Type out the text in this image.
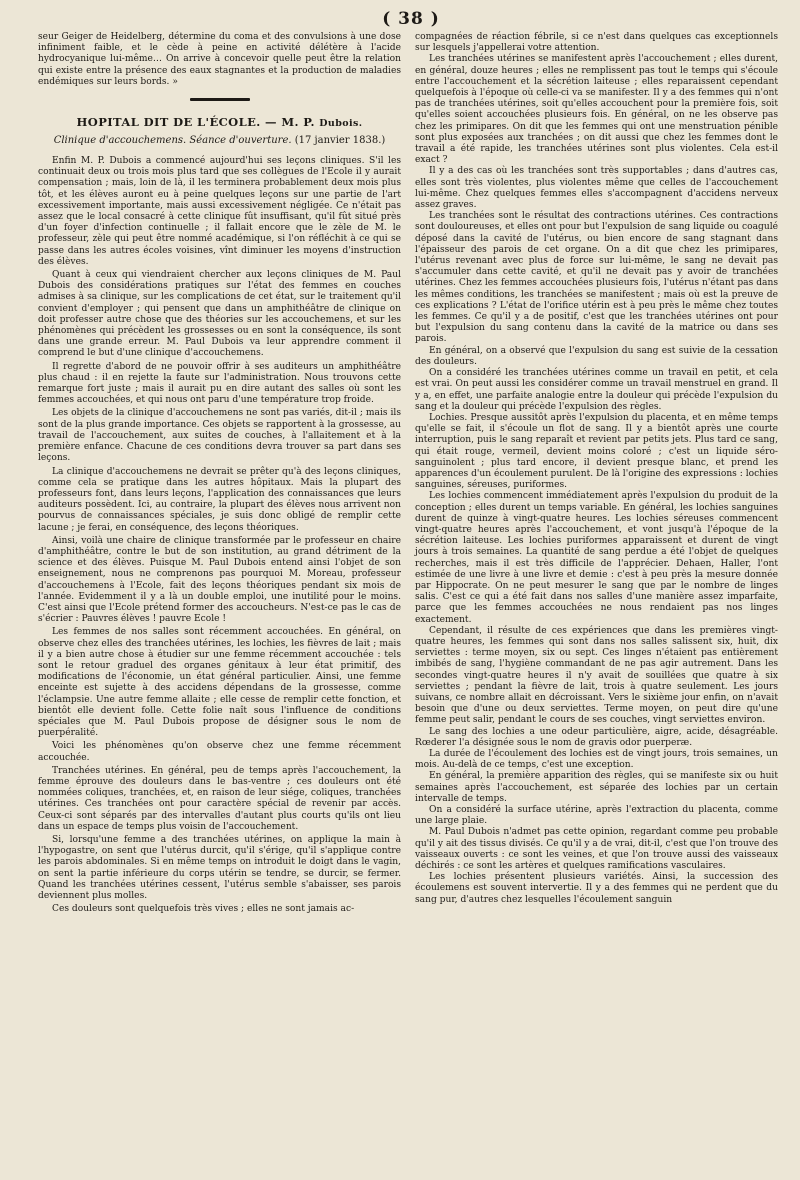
( 38 )

seur Geiger de Heidelberg, détermine du coma et des convulsions à une dose infiniment faible, et le cède à peine en activité délétère à l'acide hydrocyanique lui-même… On arrive à concevoir quelle peut être la relation qui existe entre la présence des eaux stagnantes et la production de maladies endémiques sur leurs bords. »

HOPITAL DIT DE L'ÉCOLE. — M. P. Dubois.
Clinique d'accouchemens. Séance d'ouverture. (17 janvier 1838.)

Enfin M. P. Dubois a commencé aujourd'hui ses leçons cliniques. S'il les continuait deux ou trois mois plus tard que ses collègues de l'Ecole il y aurait compensation ; mais, loin de là, il les terminera probablement deux mois plus tôt, et les élèves auront eu à peine quelques leçons sur une partie de l'art excessivement importante, mais aussi excessivement négligée. Ce n'était pas assez que le local consacré à cette clinique fût insuffisant, qu'il fût situé près d'un foyer d'infection continuelle ; il fallait encore que le zèle de M. le professeur, zèle qui peut être nommé académique, si l'on réfléchit à ce qui se passe dans les autres écoles voisines, vînt diminuer les moyens d'instruction des élèves.

Quant à ceux qui viendraient chercher aux leçons cliniques de M. Paul Dubois des considérations pratiques sur l'état des femmes en couches admises à sa clinique, sur les complications de cet état, sur le traitement qu'il convient d'employer ; qui pensent que dans un amphithéâtre de clinique on doit professer autre chose que des théories sur les accouchemens, et sur les phénomènes qui précèdent les grossesses ou en sont la conséquence, ils sont dans une grande erreur. M. Paul Dubois va leur apprendre comment il comprend le but d'une clinique d'accouchemens.

Il regrette d'abord de ne pouvoir offrir à ses auditeurs un amphithéâtre plus chaud : il en rejette la faute sur l'administration. Nous trouvons cette remarque fort juste ; mais il aurait pu en dire autant des salles où sont les femmes accouchées, et qui nous ont paru d'une température trop froide.

Les objets de la clinique d'accouchemens ne sont pas variés, dit-il ; mais ils sont de la plus grande importance. Ces objets se rapportent à la grossesse, au travail de l'accouchement, aux suites de couches, à l'allaitement et à la première enfance. Chacune de ces conditions devra trouver sa part dans ses leçons.

La clinique d'accouchemens ne devrait se prêter qu'à des leçons cliniques, comme cela se pratique dans les autres hôpitaux. Mais la plupart des professeurs font, dans leurs leçons, l'application des connaissances que leurs auditeurs possèdent. Ici, au contraire, la plupart des élèves nous arrivent non pourvus de connaissances spéciales, je suis donc obligé de remplir cette lacune ; je ferai, en conséquence, des leçons théoriques.

Ainsi, voilà une chaire de clinique transformée par le professeur en chaire d'amphithéâtre, contre le but de son institution, au grand détriment de la science et des élèves. Puisque M. Paul Dubois entend ainsi l'objet de son enseignement, nous ne comprenons pas pourquoi M. Moreau, professeur d'accouchemens à l'Ecole, fait des leçons théoriques pendant six mois de l'année. Evidemment il y a là un double emploi, une inutilité pour le moins. C'est ainsi que l'Ecole prétend former des accoucheurs. N'est-ce pas le cas de s'écrier : Pauvres élèves ! pauvre Ecole !

Les femmes de nos salles sont récemment accouchées. En général, on observe chez elles des tranchées utérines, les lochies, les fièvres de lait ; mais il y a bien autre chose à étudier sur une femme récemment accouchée : tels sont le retour graduel des organes génitaux à leur état primitif, des modifications de l'économie, un état général particulier. Ainsi, une femme enceinte est sujette à des accidens dépendans de la grossesse, comme l'éclampsie. Une autre femme allaite ; elle cesse de remplir cette fonction, et bientôt elle devient folle. Cette folie naît sous l'influence de conditions spéciales que M. Paul Dubois propose de désigner sous le nom de puerpéralité.

Voici les phénomènes qu'on observe chez une femme récemment accouchée.

Tranchées utérines. En général, peu de temps après l'accouchement, la femme éprouve des douleurs dans le bas-ventre ; ces douleurs ont été nommées coliques, tranchées, et, en raison de leur siége, coliques, tranchées utérines. Ces tranchées ont pour caractère spécial de revenir par accès. Ceux-ci sont séparés par des intervalles d'autant plus courts qu'ils ont lieu dans un espace de temps plus voisin de l'accouchement.

Si, lorsqu'une femme a des tranchées utérines, on applique la main à l'hypogastre, on sent que l'utérus durcit, qu'il s'érige, qu'il s'applique contre les parois abdominales. Si en même temps on introduit le doigt dans le vagin, on sent la partie inférieure du corps utérin se tendre, se durcir, se fermer. Quand les tranchées utérines cessent, l'utérus semble s'abaisser, ses parois deviennent plus molles.

Ces douleurs sont quelquefois très vives ; elles ne sont jamais ac-

compagnées de réaction fébrile, si ce n'est dans quelques cas exceptionnels sur lesquels j'appellerai votre attention.

Les tranchées utérines se manifestent après l'accouchement ; elles durent, en général, douze heures ; elles ne remplissent pas tout le temps qui s'écoule entre l'accouchement et la sécrétion laiteuse ; elles reparaissent cependant quelquefois à l'époque où celle-ci va se manifester. Il y a des femmes qui n'ont pas de tranchées utérines, soit qu'elles accouchent pour la première fois, soit qu'elles soient accouchées plusieurs fois. En général, on ne les observe pas chez les primipares. On dit que les femmes qui ont une menstruation pénible sont plus exposées aux tranchées ; on dit aussi que chez les femmes dont le travail a été rapide, les tranchées utérines sont plus violentes. Cela est-il exact ?

Il y a des cas où les tranchées sont très supportables ; dans d'autres cas, elles sont très violentes, plus violentes même que celles de l'accouchement lui-même. Chez quelques femmes elles s'accompagnent d'accidens nerveux assez graves.

Les tranchées sont le résultat des contractions utérines. Ces contractions sont douloureuses, et elles ont pour but l'expulsion de sang liquide ou coagulé déposé dans la cavité de l'utérus, ou bien encore de sang stagnant dans l'épaisseur des parois de cet organe. On a dit que chez les primipares, l'utérus revenant avec plus de force sur lui-même, le sang ne devait pas s'accumuler dans cette cavité, et qu'il ne devait pas y avoir de tranchées utérines. Chez les femmes accouchées plusieurs fois, l'utérus n'étant pas dans les mêmes conditions, les tranchées se manifestent ; mais où est la preuve de ces explications ? L'état de l'orifice utérin est à peu près le même chez toutes les femmes. Ce qu'il y a de positif, c'est que les tranchées utérines ont pour but l'expulsion du sang contenu dans la cavité de la matrice ou dans ses parois.

En général, on a observé que l'expulsion du sang est suivie de la cessation des douleurs.

On a considéré les tranchées utérines comme un travail en petit, et cela est vrai. On peut aussi les considérer comme un travail menstruel en grand. Il y a, en effet, une parfaite analogie entre la douleur qui précède l'expulsion du sang et la douleur qui précède l'expulsion des règles.

Lochies. Presque aussitôt après l'expulsion du placenta, et en même temps qu'elle se fait, il s'écoule un flot de sang. Il y a bientôt après une courte interruption, puis le sang reparaît et revient par petits jets. Plus tard ce sang, qui était rouge, vermeil, devient moins coloré ; c'est un liquide séro-sanguinolent ; plus tard encore, il devient presque blanc, et prend les apparences d'un écoulement purulent. De là l'origine des expressions : lochies sanguines, séreuses, puriformes.

Les lochies commencent immédiatement après l'expulsion du produit de la conception ; elles durent un temps variable. En général, les lochies sanguines durent de quinze à vingt-quatre heures. Les lochies séreuses commencent vingt-quatre heures après l'accouchement, et vont jusqu'à l'époque de la sécrétion laiteuse. Les lochies puriformes apparaissent et durent de vingt jours à trois semaines. La quantité de sang perdue a été l'objet de quelques recherches, mais il est très difficile de l'apprécier. Dehaen, Haller, l'ont estimée de une livre à une livre et demie : c'est à peu près la mesure donnée par Hippocrate. On ne peut mesurer le sang que par le nombre de linges salis. C'est ce qui a été fait dans nos salles d'une manière assez imparfaite, parce que les femmes accouchées ne nous rendaient pas nos linges exactement.

Cependant, il résulte de ces expériences que dans les premières vingt-quatre heures, les femmes qui sont dans nos salles salissent six, huit, dix serviettes : terme moyen, six ou sept. Ces linges n'étaient pas entièrement imbibés de sang, l'hygiène commandant de ne pas agir autrement. Dans les secondes vingt-quatre heures il n'y avait de souillées que quatre à six serviettes ; pendant la fièvre de lait, trois à quatre seulement. Les jours suivans, ce nombre allait en décroissant. Vers le sixième jour enfin, on n'avait besoin que d'une ou deux serviettes. Terme moyen, on peut dire qu'une femme peut salir, pendant le cours de ses couches, vingt serviettes environ.

Le sang des lochies a une odeur particulière, aigre, acide, désagréable. Rœderer l'a désignée sous le nom de gravis odor puerperæ.

La durée de l'écoulement des lochies est de vingt jours, trois semaines, un mois. Au-delà de ce temps, c'est une exception.

En général, la première apparition des règles, qui se manifeste six ou huit semaines après l'accouchement, est séparée des lochies par un certain intervalle de temps.

On a considéré la surface utérine, après l'extraction du placenta, comme une large plaie.

M. Paul Dubois n'admet pas cette opinion, regardant comme peu probable qu'il y ait des tissus divisés. Ce qu'il y a de vrai, dit-il, c'est que l'on trouve des vaisseaux ouverts : ce sont les veines, et que l'on trouve aussi des vaisseaux déchirés : ce sont les artères et quelques ramifications vasculaires.

Les lochies présentent plusieurs variétés. Ainsi, la succession des écoulemens est souvent intervertie. Il y a des femmes qui ne perdent que du sang pur, d'autres chez lesquelles l'écoulement sanguin
